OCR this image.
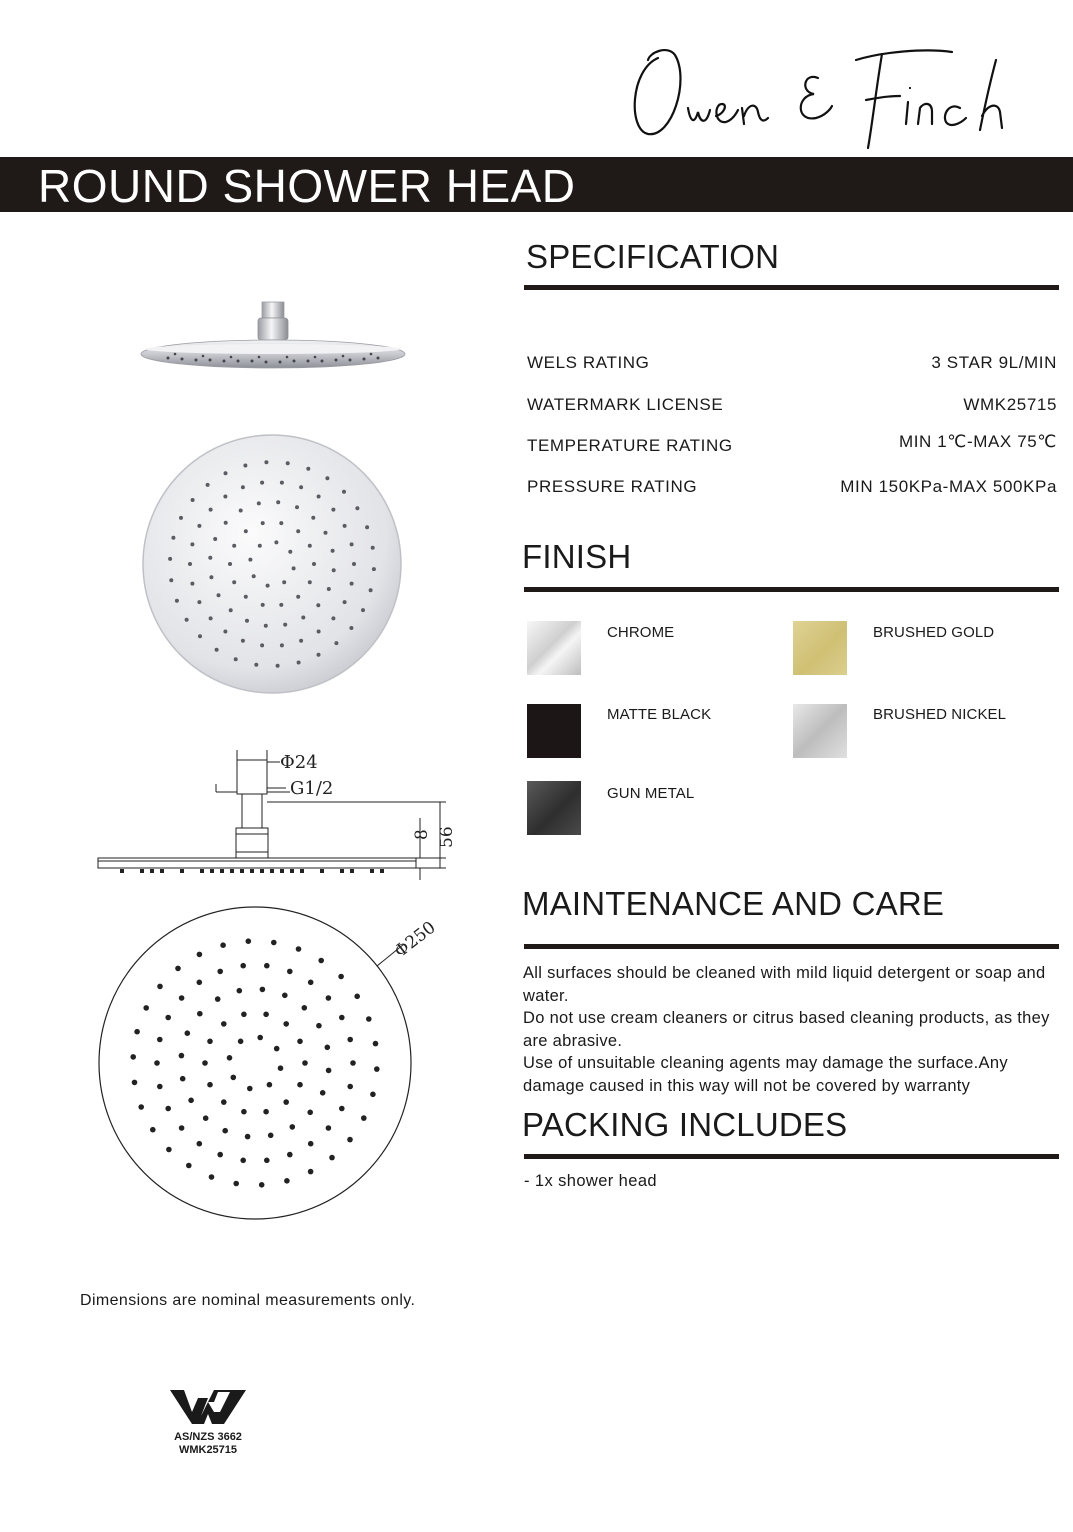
Owen & Finch
ROUND SHOWER HEAD
Φ24
G1/2
8 56
Φ250
SPECIFICATION
WELS RATING	3 STAR 9L/MIN
WATERMARK LICENSE	WMK25715
TEMPERATURE RATING	MIN 1℃-MAX 75℃
PRESSURE RATING	MIN 150KPa-MAX 500KPa
FINISH
CHROME	BRUSHED GOLD
MATTE BLACK	BRUSHED NICKEL
GUN METAL
MAINTENANCE AND CARE

All surfaces should be cleaned with mild liquid detergent or soap and water.

Do not use cream cleaners or citrus based cleaning products, as they are abrasive.

Use of unsuitable cleaning agents may damage the surface.Any damage caused in this way will not be covered by warranty

PACKING INCLUDES
- 1x shower head
Dimensions are nominal measurements only.
AS/NZS 3662
WMK25715
